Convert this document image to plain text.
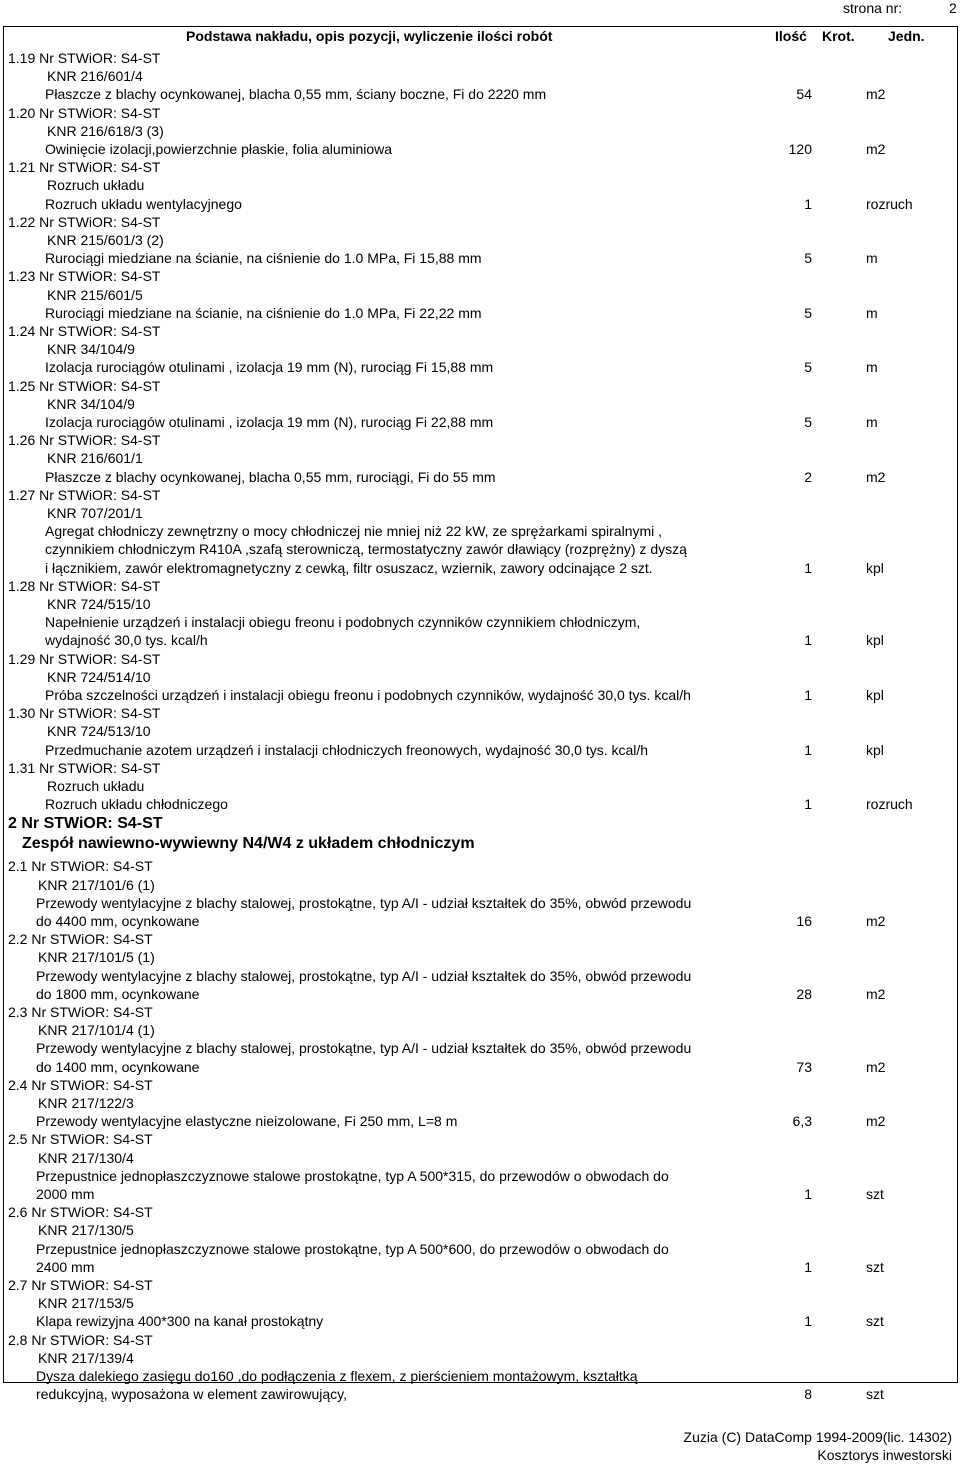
strona nr:	2
Podstawa nakładu, opis pozycji, wyliczenie ilości robót	Ilość Krot. Jedn.
1.19 Nr STWiOR: S4-ST
KNR 216/601/4
Płaszcze z blachy ocynkowanej, blacha 0,55 mm, ściany boczne, Fi do 2220 mm	54	m2
1.20 Nr STWiOR: S4-ST
KNR 216/618/3 (3)
Owinięcie izolacji,powierzchnie płaskie, folia aluminiowa	120	m2
1.21 Nr STWiOR: S4-ST
Rozruch układu
Rozruch układu wentylacyjnego	1	rozruch
1.22 Nr STWiOR: S4-ST
KNR 215/601/3 (2)
Rurociągi miedziane na ścianie, na ciśnienie do 1.0 MPa, Fi 15,88 mm	5	m
1.23 Nr STWiOR: S4-ST
KNR 215/601/5
Rurociągi miedziane na ścianie, na ciśnienie do 1.0 MPa, Fi 22,22 mm	5	m
1.24 Nr STWiOR: S4-ST
KNR 34/104/9
Izolacja rurociągów otulinami , izolacja 19 mm (N), rurociąg Fi 15,88 mm	5	m
1.25 Nr STWiOR: S4-ST
KNR 34/104/9
Izolacja rurociągów otulinami , izolacja 19 mm (N), rurociąg Fi 22,88 mm	5	m
1.26 Nr STWiOR: S4-ST
KNR 216/601/1
Płaszcze z blachy ocynkowanej, blacha 0,55 mm, rurociągi, Fi do 55 mm	2	m2
1.27 Nr STWiOR: S4-ST
KNR 707/201/1
Agregat chłodniczy zewnętrzny o mocy chłodniczej nie mniej niż 22 kW, ze sprężarkami spiralnymi ,
czynnikiem chłodniczym R410A ,szafą sterowniczą, termostatyczny zawór dławiący (rozprężny) z dyszą
i łącznikiem, zawór elektromagnetyczny z cewką, filtr osuszacz, wziernik, zawory odcinające 2 szt.	1	kpl
1.28 Nr STWiOR: S4-ST
KNR 724/515/10
Napełnienie urządzeń i instalacji obiegu freonu i podobnych czynników czynnikiem chłodniczym,
wydajność 30,0 tys. kcal/h	1	kpl
1.29 Nr STWiOR: S4-ST
KNR 724/514/10
Próba szczelności urządzeń i instalacji obiegu freonu i podobnych czynników, wydajność 30,0 tys. kcal/h	1	kpl
1.30 Nr STWiOR: S4-ST
KNR 724/513/10
Przedmuchanie azotem urządzeń i instalacji chłodniczych freonowych, wydajność 30,0 tys. kcal/h	1	kpl
1.31 Nr STWiOR: S4-ST
Rozruch układu
Rozruch układu chłodniczego	1	rozruch
2 Nr STWiOR: S4-ST
Zespół nawiewno-wywiewny N4/W4 z układem chłodniczym
2.1 Nr STWiOR: S4-ST
KNR 217/101/6 (1)
Przewody wentylacyjne z blachy stalowej, prostokątne, typ A/I - udział kształtek do 35%, obwód przewodu
do 4400 mm, ocynkowane	16	m2
2.2 Nr STWiOR: S4-ST
KNR 217/101/5 (1)
Przewody wentylacyjne z blachy stalowej, prostokątne, typ A/I - udział kształtek do 35%, obwód przewodu
do 1800 mm, ocynkowane	28	m2
2.3 Nr STWiOR: S4-ST
KNR 217/101/4 (1)
Przewody wentylacyjne z blachy stalowej, prostokątne, typ A/I - udział kształtek do 35%, obwód przewodu
do 1400 mm, ocynkowane	73	m2
2.4 Nr STWiOR: S4-ST
KNR 217/122/3
Przewody wentylacyjne elastyczne nieizolowane, Fi 250 mm, L=8 m	6,3	m2
2.5 Nr STWiOR: S4-ST
KNR 217/130/4
Przepustnice jednopłaszczyznowe stalowe prostokątne, typ A 500*315, do przewodów o obwodach do
2000 mm	1	szt
2.6 Nr STWiOR: S4-ST
KNR 217/130/5
Przepustnice jednopłaszczyznowe stalowe prostokątne, typ A 500*600, do przewodów o obwodach do
2400 mm	1	szt
2.7 Nr STWiOR: S4-ST
KNR 217/153/5
Klapa rewizyjna 400*300 na kanał prostokątny	1	szt
2.8 Nr STWiOR: S4-ST
KNR 217/139/4
Dysza dalekiego zasięgu do160 ,do podłączenia z flexem, z pierścieniem montażowym, kształtką
redukcyjną, wyposażona w element zawirowujący,	8	szt
Zuzia (C) DataComp 1994-2009(lic. 14302)
Kosztorys inwestorski
